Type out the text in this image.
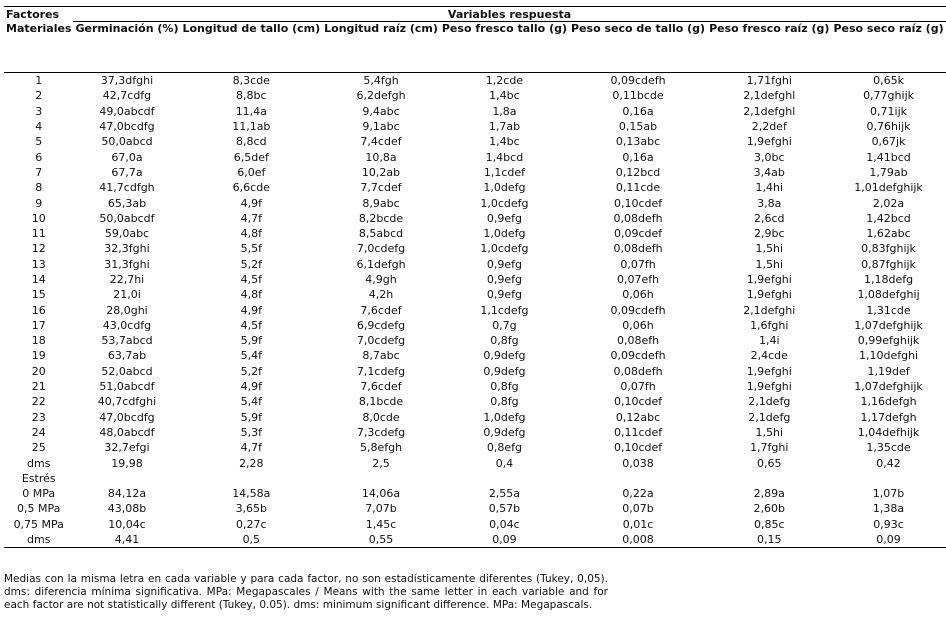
Factores	Variables respuesta						
Materiales	Germinación (%)	Longitud de tallo (cm)	Longitud raíz (cm)	Peso fresco tallo (g)	Peso seco de tallo (g)	Peso fresco raíz (g)	Peso seco raíz (g)
1	37,3dfghi	8,3cde	5,4fgh	1,2cde	0,09cdefh	1,71fghi	0,65k
2	42,7cdfg	8,8bc	6,2defgh	1,4bc	0,11bcde	2,1defghl	0,77ghijk
3	49,0abcdf	11,4a	9,4abc	1,8a	0,16a	2,1defghl	0,71ijk
4	47,0bcdfg	11,1ab	9,1abc	1,7ab	0,15ab	2,2def	0,76hijk
5	50,0abcd	8,8cd	7,4cdef	1,4bc	0,13abc	1,9efghi	0,67jk
6	67,0a	6,5def	10,8a	1,4bcd	0,16a	3,0bc	1,41bcd
7	67,7a	6,0ef	10,2ab	1,1cdef	0,12bcd	3,4ab	1,79ab
8	41,7cdfgh	6,6cde	7,7cdef	1,0defg	0,11cde	1,4hi	1,01defghijk
9	65,3ab	4,9f	8,9abc	1,0cdefg	0,10cdef	3,8a	2,02a
10	50,0abcdf	4,7f	8,2bcde	0,9efg	0,08defh	2,6cd	1,42bcd
11	59,0abc	4,8f	8,5abcd	1,0defg	0,09cdef	2,9bc	1,62abc
12	32,3fghi	5,5f	7,0cdefg	1,0cdefg	0,08defh	1,5hi	0,83fghijk
13	31,3fghi	5,2f	6,1defgh	0,9efg	0,07fh	1,5hi	0,87fghijk
14	22,7hi	4,5f	4,9gh	0,9efg	0,07efh	1,9efghi	1,18defg
15	21,0i	4,8f	4,2h	0,9efg	0,06h	1,9efghi	1,08defghij
16	28,0ghi	4,9f	7,6cdef	1,1cdefg	0,09cdefh	2,1defghi	1,31cde
17	43,0cdfg	4,5f	6,9cdefg	0,7g	0,06h	1,6fghi	1,07defghijk
18	53,7abcd	5,9f	7,0cdefg	0,8fg	0,08efh	1,4i	0,99efghijk
19	63,7ab	5,4f	8,7abc	0,9defg	0,09cdefh	2,4cde	1,10defghi
20	52,0abcd	5,2f	7,1cdefg	0,9defg	0,08defh	1,9efghi	1,19def
21	51,0abcdf	4,9f	7,6cdef	0,8fg	0,07fh	1,9efghi	1,07defghijk
22	40,7cdfghi	5,4f	8,1bcde	0,8fg	0,10cdef	2,1defg	1,16defgh
23	47,0bcdfg	5,9f	8,0cde	1,0defg	0,12abc	2,1defg	1,17defgh
24	48,0abcdf	5,3f	7,3cdefg	0,9defg	0,11cdef	1,5hi	1,04defhijk
25	32,7efgi	4,7f	5,8efgh	0,8efg	0,10cdef	1,7fghi	1,35cde
dms	19,98	2,28	2,5	0,4	0,038	0,65	0,42
Estrés							
0 MPa	84,12a	14,58a	14,06a	2,55a	0,22a	2,89a	1,07b
0,5 MPa	43,08b	3,65b	7,07b	0,57b	0,07b	2,60b	1,38a
0,75 MPa	10,04c	0,27c	1,45c	0,04c	0,01c	0,85c	0,93c
dms	4,41	0,5	0,55	0,09	0,008	0,15	0,09
Medias con la misma letra en cada variable y para cada factor, no son estadísticamente diferentes (Tukey, 0,05). dms: diferencia mínima significativa. MPa: Megapascales / Means with the same letter in each variable and for each factor are not statistically different (Tukey, 0.05). dms: minimum significant difference. MPa: Megapascals.
